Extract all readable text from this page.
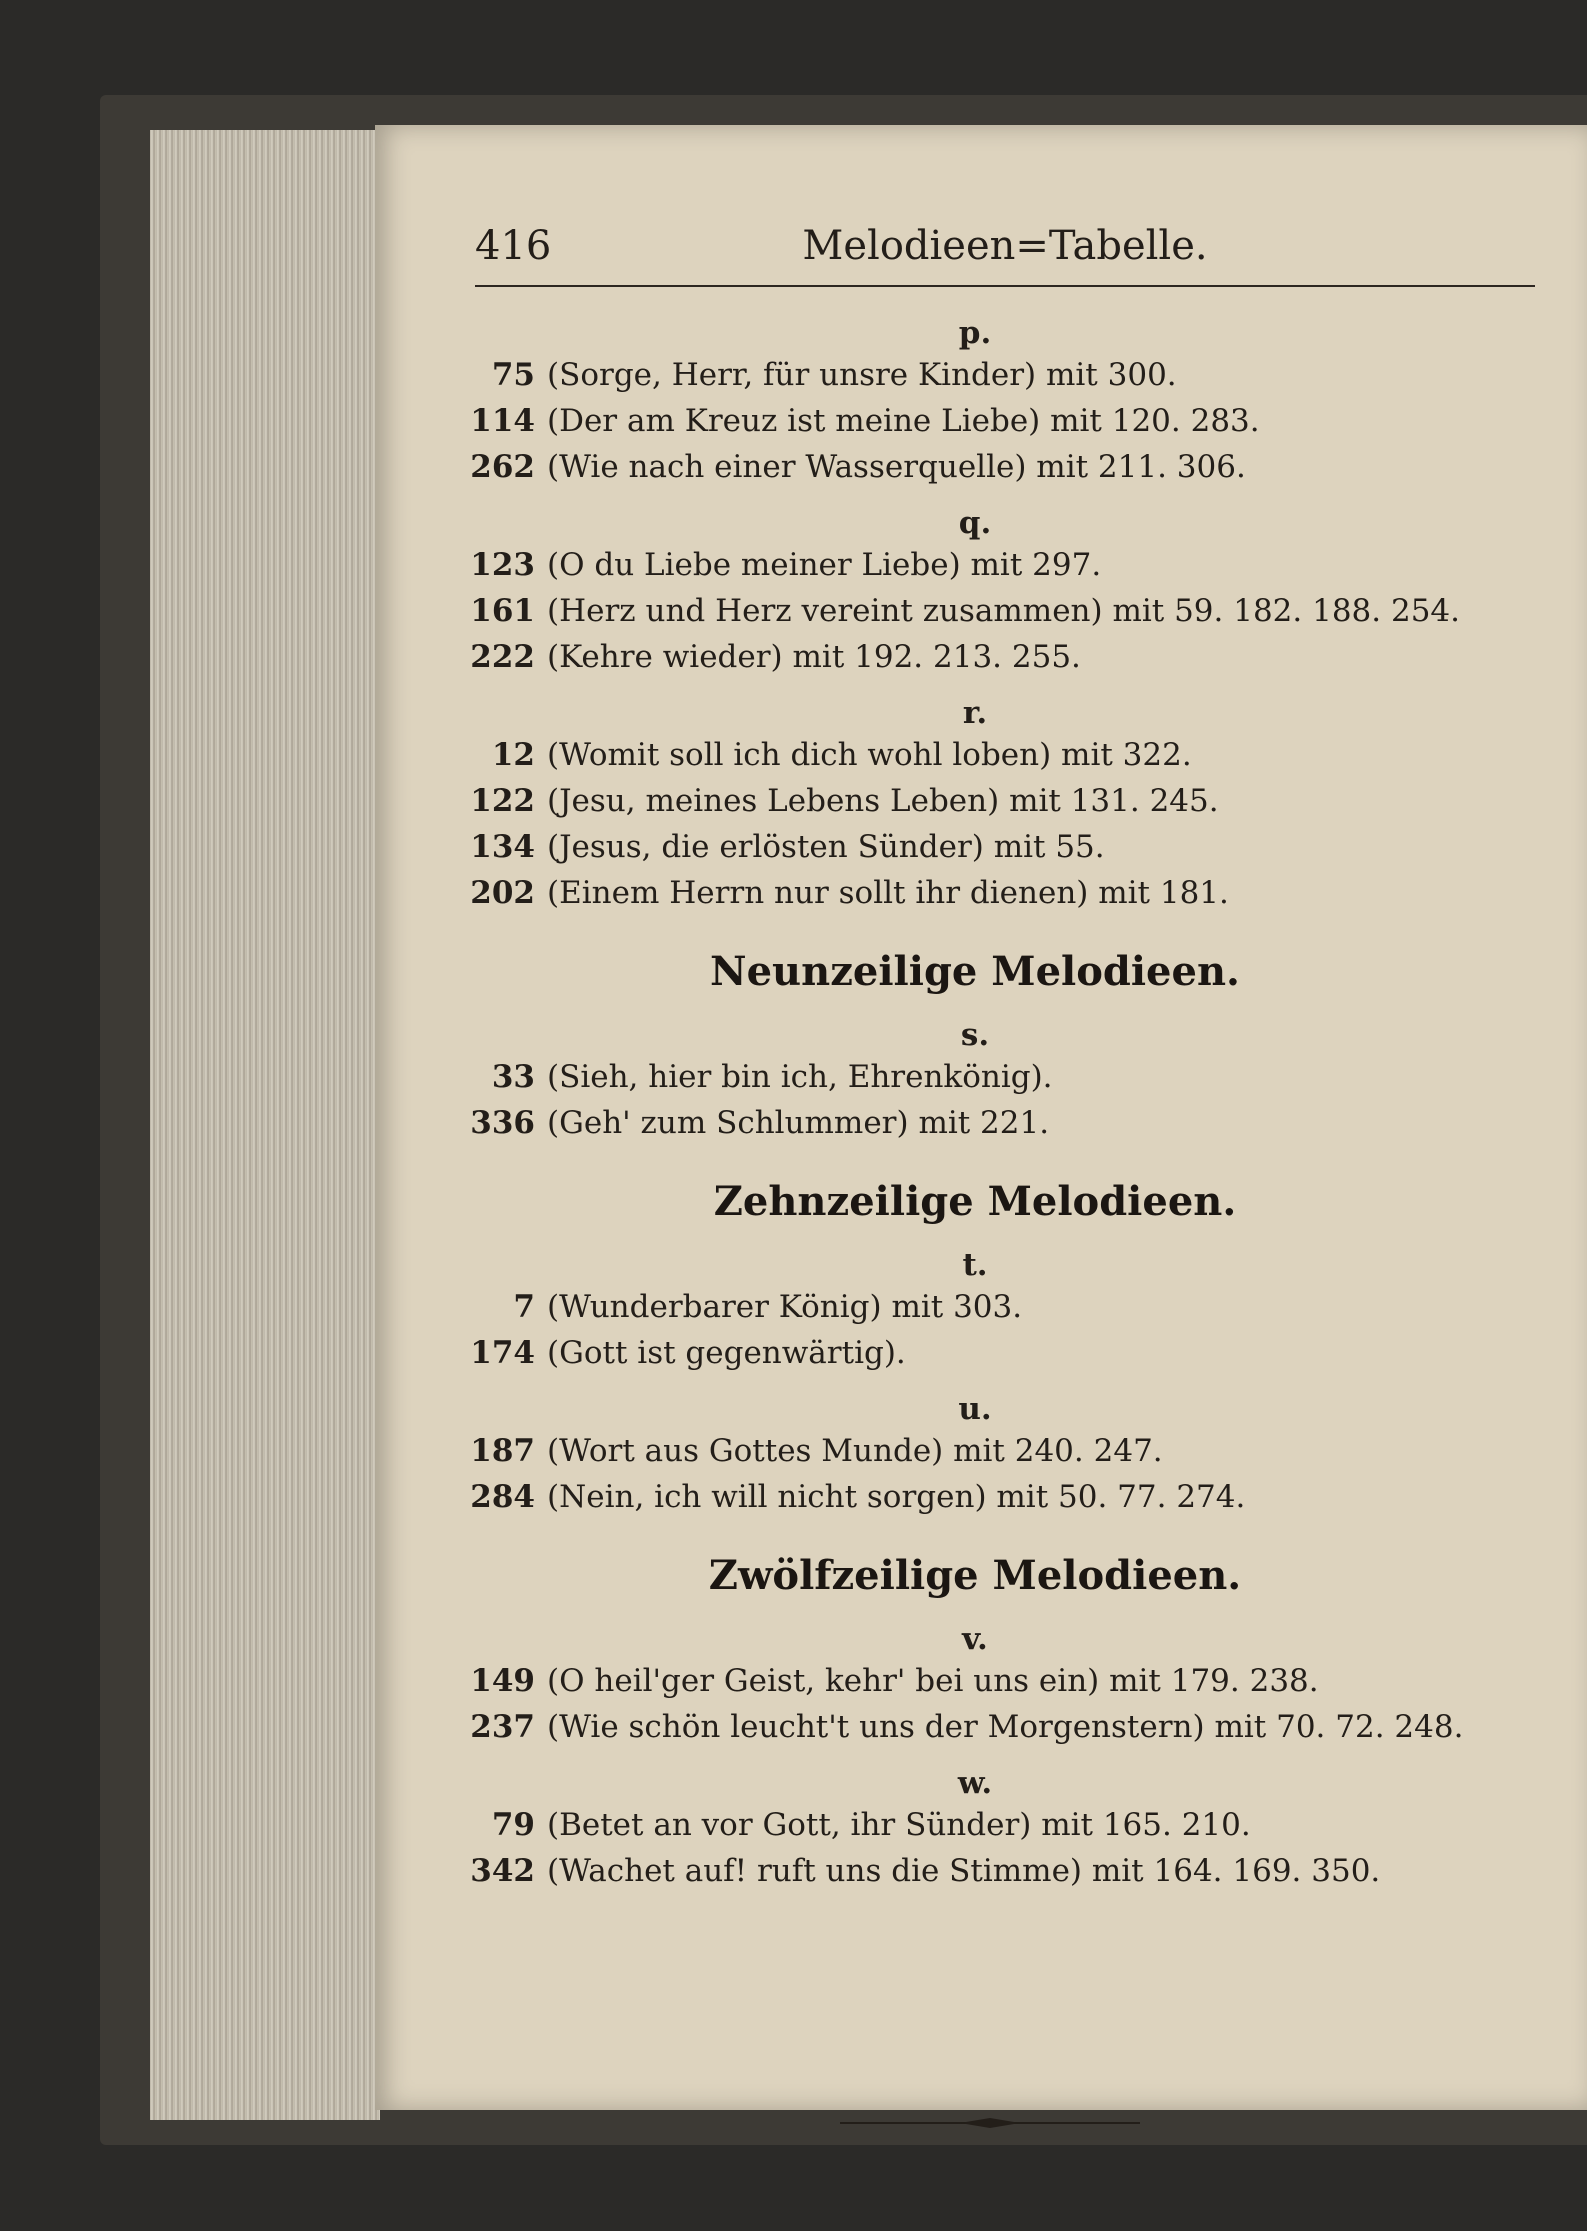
416	Melodieen=Tabelle.
p.
75 (Sorge, Herr, für unsre Kinder) mit 300.
114 (Der am Kreuz ist meine Liebe) mit 120. 283.
262 (Wie nach einer Wasserquelle) mit 211. 306.
q.
123 (O du Liebe meiner Liebe) mit 297.
161 (Herz und Herz vereint zusammen) mit 59. 182. 188. 254.
222 (Kehre wieder) mit 192. 213. 255.
r.
12 (Womit soll ich dich wohl loben) mit 322.
122 (Jesu, meines Lebens Leben) mit 131. 245.
134 (Jesus, die erlösten Sünder) mit 55.
202 (Einem Herrn nur sollt ihr dienen) mit 181.
Neunzeilige Melodieen.
s.
33 (Sieh, hier bin ich, Ehrenkönig).
336 (Geh' zum Schlummer) mit 221.
Zehnzeilige Melodieen.
t.
7 (Wunderbarer König) mit 303.
174 (Gott ist gegenwärtig).
u.
187 (Wort aus Gottes Munde) mit 240. 247.
284 (Nein, ich will nicht sorgen) mit 50. 77. 274.
Zwölfzeilige Melodieen.
v.
149 (O heil'ger Geist, kehr' bei uns ein) mit 179. 238.
237 (Wie schön leucht't uns der Morgenstern) mit 70. 72. 248.
w.
79 (Betet an vor Gott, ihr Sünder) mit 165. 210.
342 (Wachet auf! ruft uns die Stimme) mit 164. 169. 350.
